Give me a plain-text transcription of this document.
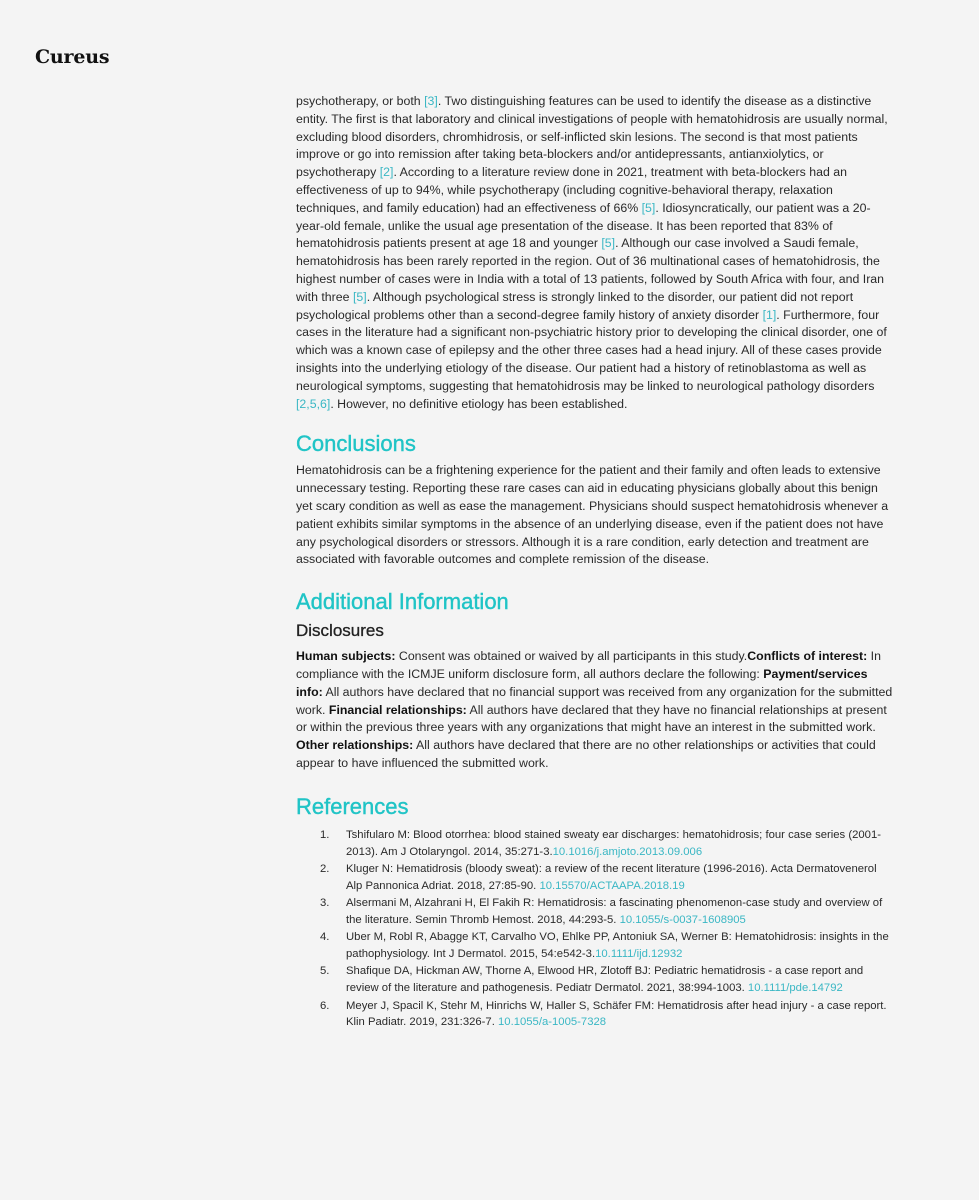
Cureus

psychotherapy, or both [3]. Two distinguishing features can be used to identify the disease as a distinctive entity. The first is that laboratory and clinical investigations of people with hematohidrosis are usually normal, excluding blood disorders, chromhidrosis, or self-inflicted skin lesions. The second is that most patients improve or go into remission after taking beta-blockers and/or antidepressants, antianxiolytics, or psychotherapy [2]. According to a literature review done in 2021, treatment with beta-blockers had an effectiveness of up to 94%, while psychotherapy (including cognitive-behavioral therapy, relaxation techniques, and family education) had an effectiveness of 66% [5]. Idiosyncratically, our patient was a 20-year-old female, unlike the usual age presentation of the disease. It has been reported that 83% of hematohidrosis patients present at age 18 and younger [5]. Although our case involved a Saudi female, hematohidrosis has been rarely reported in the region. Out of 36 multinational cases of hematohidrosis, the highest number of cases were in India with a total of 13 patients, followed by South Africa with four, and Iran with three [5]. Although psychological stress is strongly linked to the disorder, our patient did not report psychological problems other than a second-degree family history of anxiety disorder [1]. Furthermore, four cases in the literature had a significant non-psychiatric history prior to developing the clinical disorder, one of which was a known case of epilepsy and the other three cases had a head injury. All of these cases provide insights into the underlying etiology of the disease. Our patient had a history of retinoblastoma as well as neurological symptoms, suggesting that hematohidrosis may be linked to neurological pathology disorders [2,5,6]. However, no definitive etiology has been established.

Conclusions

Hematohidrosis can be a frightening experience for the patient and their family and often leads to extensive unnecessary testing. Reporting these rare cases can aid in educating physicians globally about this benign yet scary condition as well as ease the management. Physicians should suspect hematohidrosis whenever a patient exhibits similar symptoms in the absence of an underlying disease, even if the patient does not have any psychological disorders or stressors. Although it is a rare condition, early detection and treatment are associated with favorable outcomes and complete remission of the disease.

Additional Information
Disclosures

Human subjects: Consent was obtained or waived by all participants in this study.Conflicts of interest: In compliance with the ICMJE uniform disclosure form, all authors declare the following: Payment/services info: All authors have declared that no financial support was received from any organization for the submitted work. Financial relationships: All authors have declared that they have no financial relationships at present or within the previous three years with any organizations that might have an interest in the submitted work. Other relationships: All authors have declared that there are no other relationships or activities that could appear to have influenced the submitted work.

References
1. Tshifularo M: Blood otorrhea: blood stained sweaty ear discharges: hematohidrosis; four case series (2001-2013). Am J Otolaryngol. 2014, 35:271-3.10.1016/j.amjoto.2013.09.006
2. Kluger N: Hematidrosis (bloody sweat): a review of the recent literature (1996-2016). Acta Dermatovenerol Alp Pannonica Adriat. 2018, 27:85-90. 10.15570/ACTAAPA.2018.19
3. Alsermani M, Alzahrani H, El Fakih R: Hematidrosis: a fascinating phenomenon-case study and overview of the literature. Semin Thromb Hemost. 2018, 44:293-5. 10.1055/s-0037-1608905
4. Uber M, Robl R, Abagge KT, Carvalho VO, Ehlke PP, Antoniuk SA, Werner B: Hematohidrosis: insights in the pathophysiology. Int J Dermatol. 2015, 54:e542-3.10.1111/ijd.12932
5. Shafique DA, Hickman AW, Thorne A, Elwood HR, Zlotoff BJ: Pediatric hematidrosis - a case report and review of the literature and pathogenesis. Pediatr Dermatol. 2021, 38:994-1003. 10.1111/pde.14792
6. Meyer J, Spacil K, Stehr M, Hinrichs W, Haller S, Schäfer FM: Hematidrosis after head injury - a case report. Klin Padiatr. 2019, 231:326-7. 10.1055/a-1005-7328
